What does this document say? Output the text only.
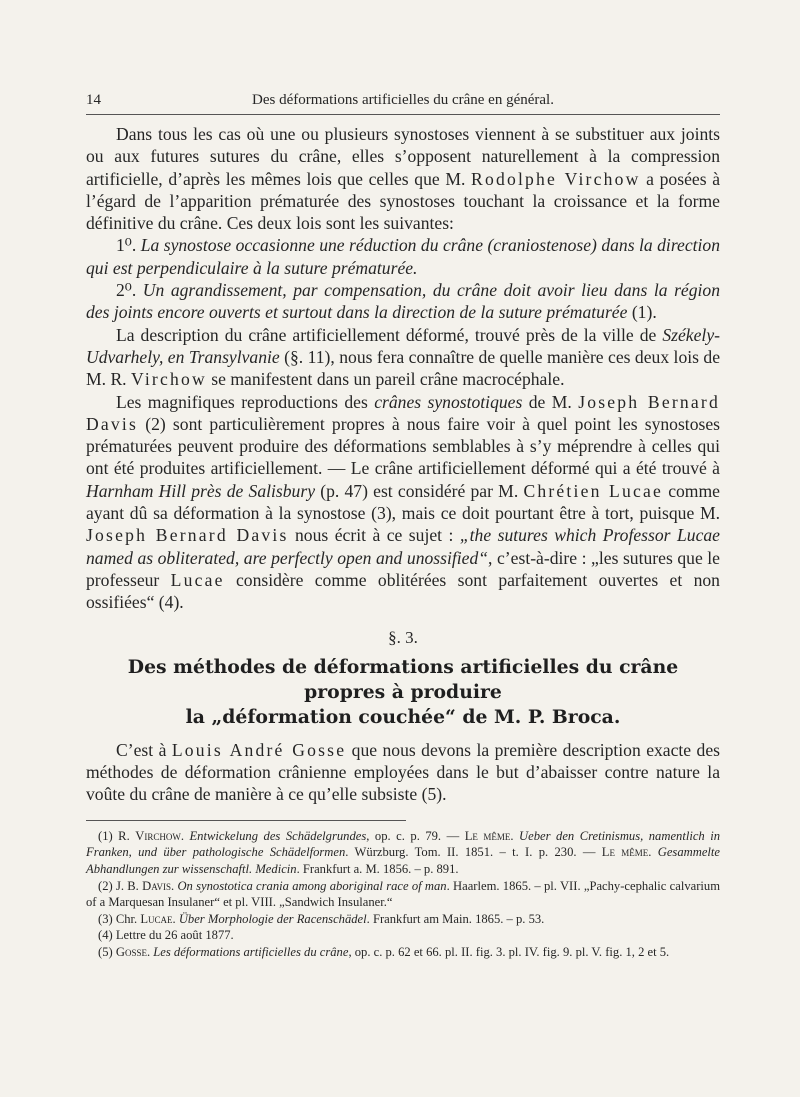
14	Des déformations artificielles du crâne en général.

Dans tous les cas où une ou plusieurs synostoses viennent à se substituer aux joints ou aux futures sutures du crâne, elles s’opposent naturellement à la compression artificielle, d’après les mêmes lois que celles que M. Rodolphe Virchow a posées à l’égard de l’apparition prématurée des synostoses touchant la croissance et la forme définitive du crâne. Ces deux lois sont les suivantes:

1⁰. La synostose occasionne une réduction du crâne (craniostenose) dans la direction qui est perpendiculaire à la suture prématurée.

2⁰. Un agrandissement, par compensation, du crâne doit avoir lieu dans la région des joints encore ouverts et surtout dans la direction de la suture prématurée (1).

La description du crâne artificiellement déformé, trouvé près de la ville de Székely-Udvarhely, en Transylvanie (§. 11), nous fera connaître de quelle manière ces deux lois de M. R. Virchow se manifestent dans un pareil crâne macrocéphale.

Les magnifiques reproductions des crânes synostotiques de M. Joseph Bernard Davis (2) sont particulièrement propres à nous faire voir à quel point les synostoses prématurées peuvent produire des déformations semblables à s’y méprendre à celles qui ont été produites artificiellement. — Le crâne artificiellement déformé qui a été trouvé à Harnham Hill près de Salisbury (p. 47) est considéré par M. Chrétien Lucae comme ayant dû sa déformation à la synostose (3), mais ce doit pourtant être à tort, puisque M. Joseph Bernard Davis nous écrit à ce sujet : „the sutures which Professor Lucae named as obliterated, are perfectly open and unossified“, c’est-à-dire : „les sutures que le professeur Lucae considère comme oblitérées sont parfaitement ouvertes et non ossifiées“ (4).

§. 3.
Des méthodes de déformations artificielles du crâne propres à produire
la „déformation couchée“ de M. P. Broca.

C’est à Louis André Gosse que nous devons la première description exacte des méthodes de déformation crânienne employées dans le but d’abaisser contre nature la voûte du crâne de manière à ce qu’elle subsiste (5).

(1) R. Virchow. Entwickelung des Schädelgrundes, op. c. p. 79. — Le même. Ueber den Cretinismus, namentlich in Franken, und über pathologische Schädelformen. Würzburg. Tom. II. 1851. – t. I. p. 230. — Le même. Gesammelte Abhandlungen zur wissenschaftl. Medicin. Frankfurt a. M. 1856. – p. 891.

(2) J. B. Davis. On synostotica crania among aboriginal race of man. Haarlem. 1865. – pl. VII. „Pachy-cephalic calvarium of a Marquesan Insulaner“ et pl. VIII. „Sandwich Insulaner.“

(3) Chr. Lucae. Über Morphologie der Racenschädel. Frankfurt am Main. 1865. – p. 53.

(4) Lettre du 26 août 1877.

(5) Gosse. Les déformations artificielles du crâne, op. c. p. 62 et 66. pl. II. fig. 3. pl. IV. fig. 9. pl. V. fig. 1, 2 et 5.
